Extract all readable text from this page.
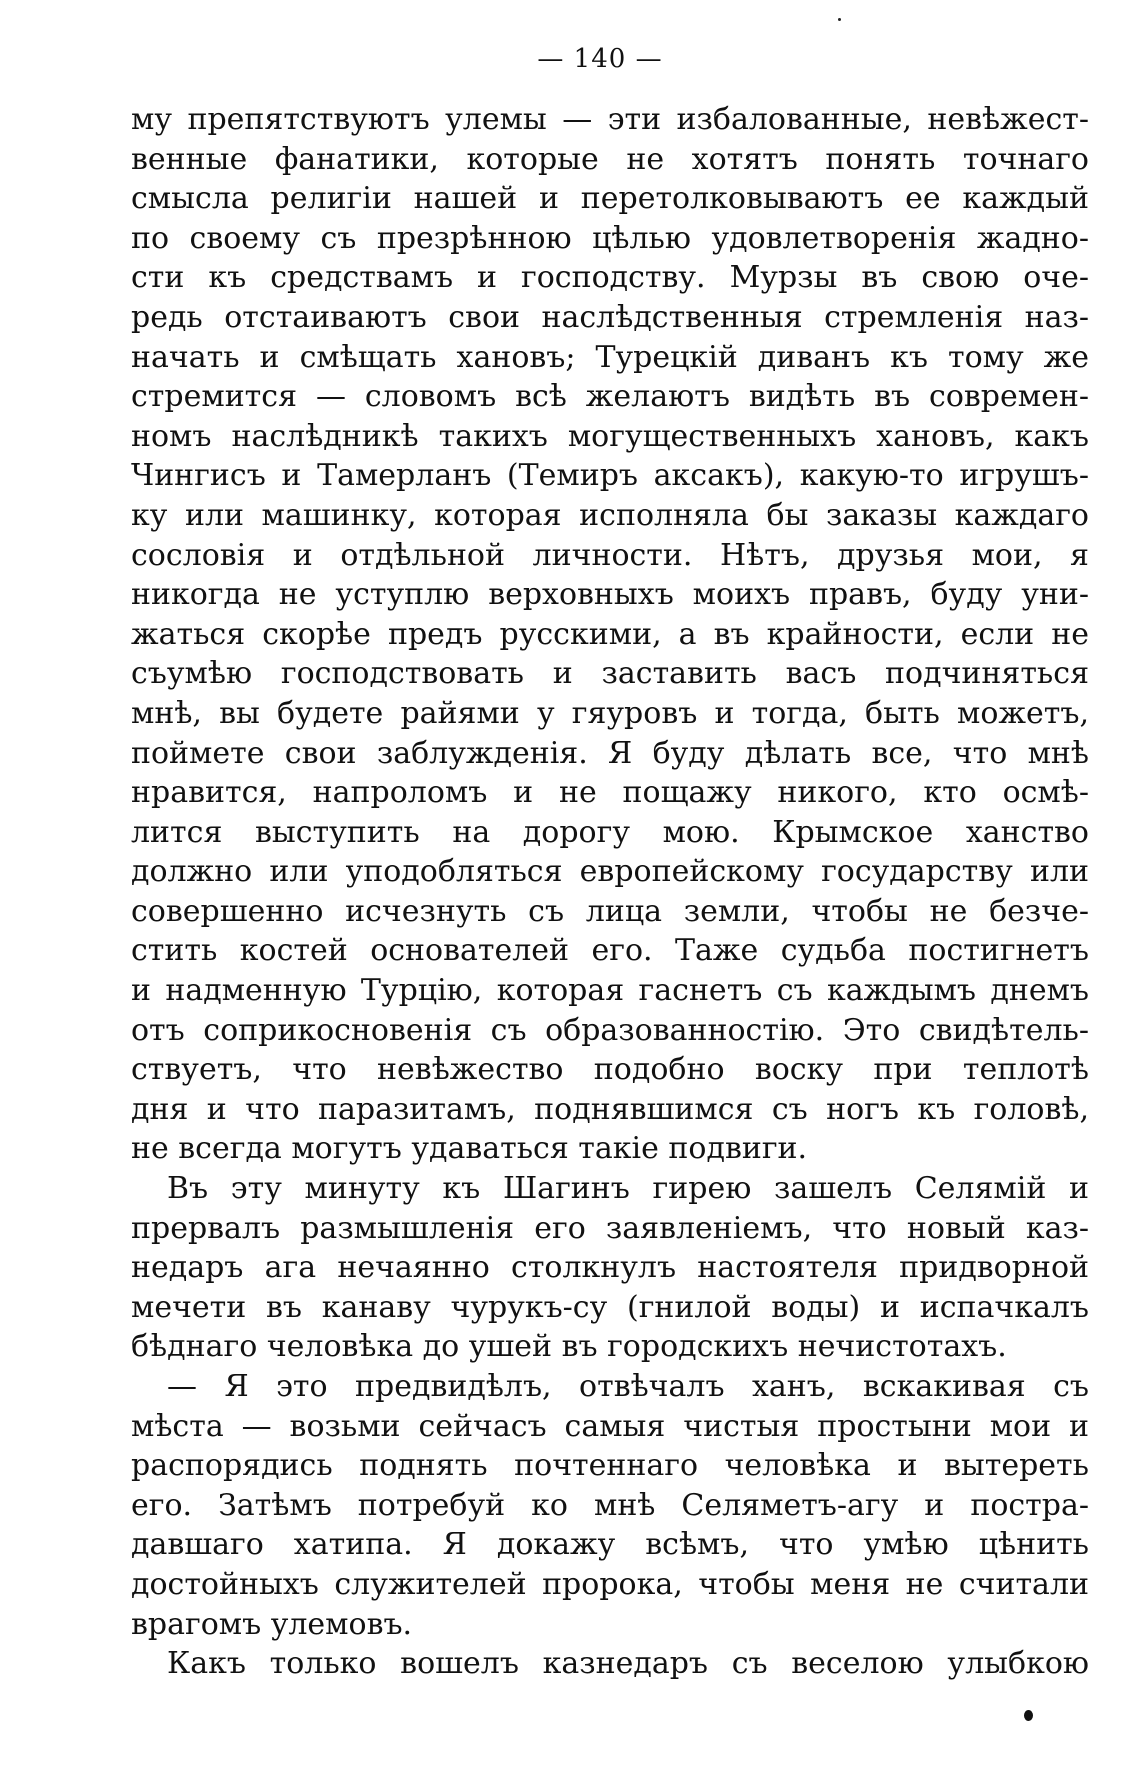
— 140 —
му препятствуютъ улемы — эти избалованные, невѣжест-
венные фанатики, которые не хотятъ понять точнаго
смысла религіи нашей и перетолковываютъ ее каждый
по своему съ презрѣнною цѣлью удовлетворенія жадно-
сти къ средствамъ и господству. Мурзы въ свою оче-
редь отстаиваютъ свои наслѣдственныя стремленія наз-
начать и смѣщать хановъ; Турецкій диванъ къ тому же
стремится — словомъ всѣ желаютъ видѣть въ современ-
номъ наслѣдникѣ такихъ могущественныхъ хановъ, какъ
Чингисъ и Тамерланъ (Темиръ аксакъ), какую-то игрушъ-
ку или машинку, которая исполняла бы заказы каждаго
сословія и отдѣльной личности. Нѣтъ, друзья мои, я
никогда не уступлю верховныхъ моихъ правъ, буду уни-
жаться скорѣе предъ русскими, а въ крайности, если не
съумѣю господствовать и заставить васъ подчиняться
мнѣ, вы будете райями у гяуровъ и тогда, быть можетъ,
поймете свои заблужденія. Я буду дѣлать все, что мнѣ
нравится, напроломъ и не пощажу никого, кто осмѣ-
лится выступить на дорогу мою. Крымское ханство
должно или уподобляться европейскому государству или
совершенно исчезнуть съ лица земли, чтобы не безче-
стить костей основателей его. Таже судьба постигнетъ
и надменную Турцію, которая гаснетъ съ каждымъ днемъ
отъ соприкосновенія съ образованностію. Это свидѣтель-
ствуетъ, что невѣжество подобно воску при теплотѣ
дня и что паразитамъ, поднявшимся съ ногъ къ головѣ,
не всегда могутъ удаваться такіе подвиги.
Въ эту минуту къ Шагинъ гирею зашелъ Селямій и
прервалъ размышленія его заявленіемъ, что новый каз-
недаръ ага нечаянно столкнулъ настоятеля придворной
мечети въ канаву чурукъ-су (гнилой воды) и испачкалъ
бѣднаго человѣка до ушей въ городскихъ нечистотахъ.
— Я это предвидѣлъ, отвѣчалъ ханъ, вскакивая съ
мѣста — возьми сейчасъ самыя чистыя простыни мои и
распорядись поднять почтеннаго человѣка и вытереть
его. Затѣмъ потребуй ко мнѣ Селяметъ-агу и постра-
давшаго хатипа. Я докажу всѣмъ, что умѣю цѣнить
достойныхъ служителей пророка, чтобы меня не считали
врагомъ улемовъ.
Какъ только вошелъ казнедаръ съ веселою улыбкою
